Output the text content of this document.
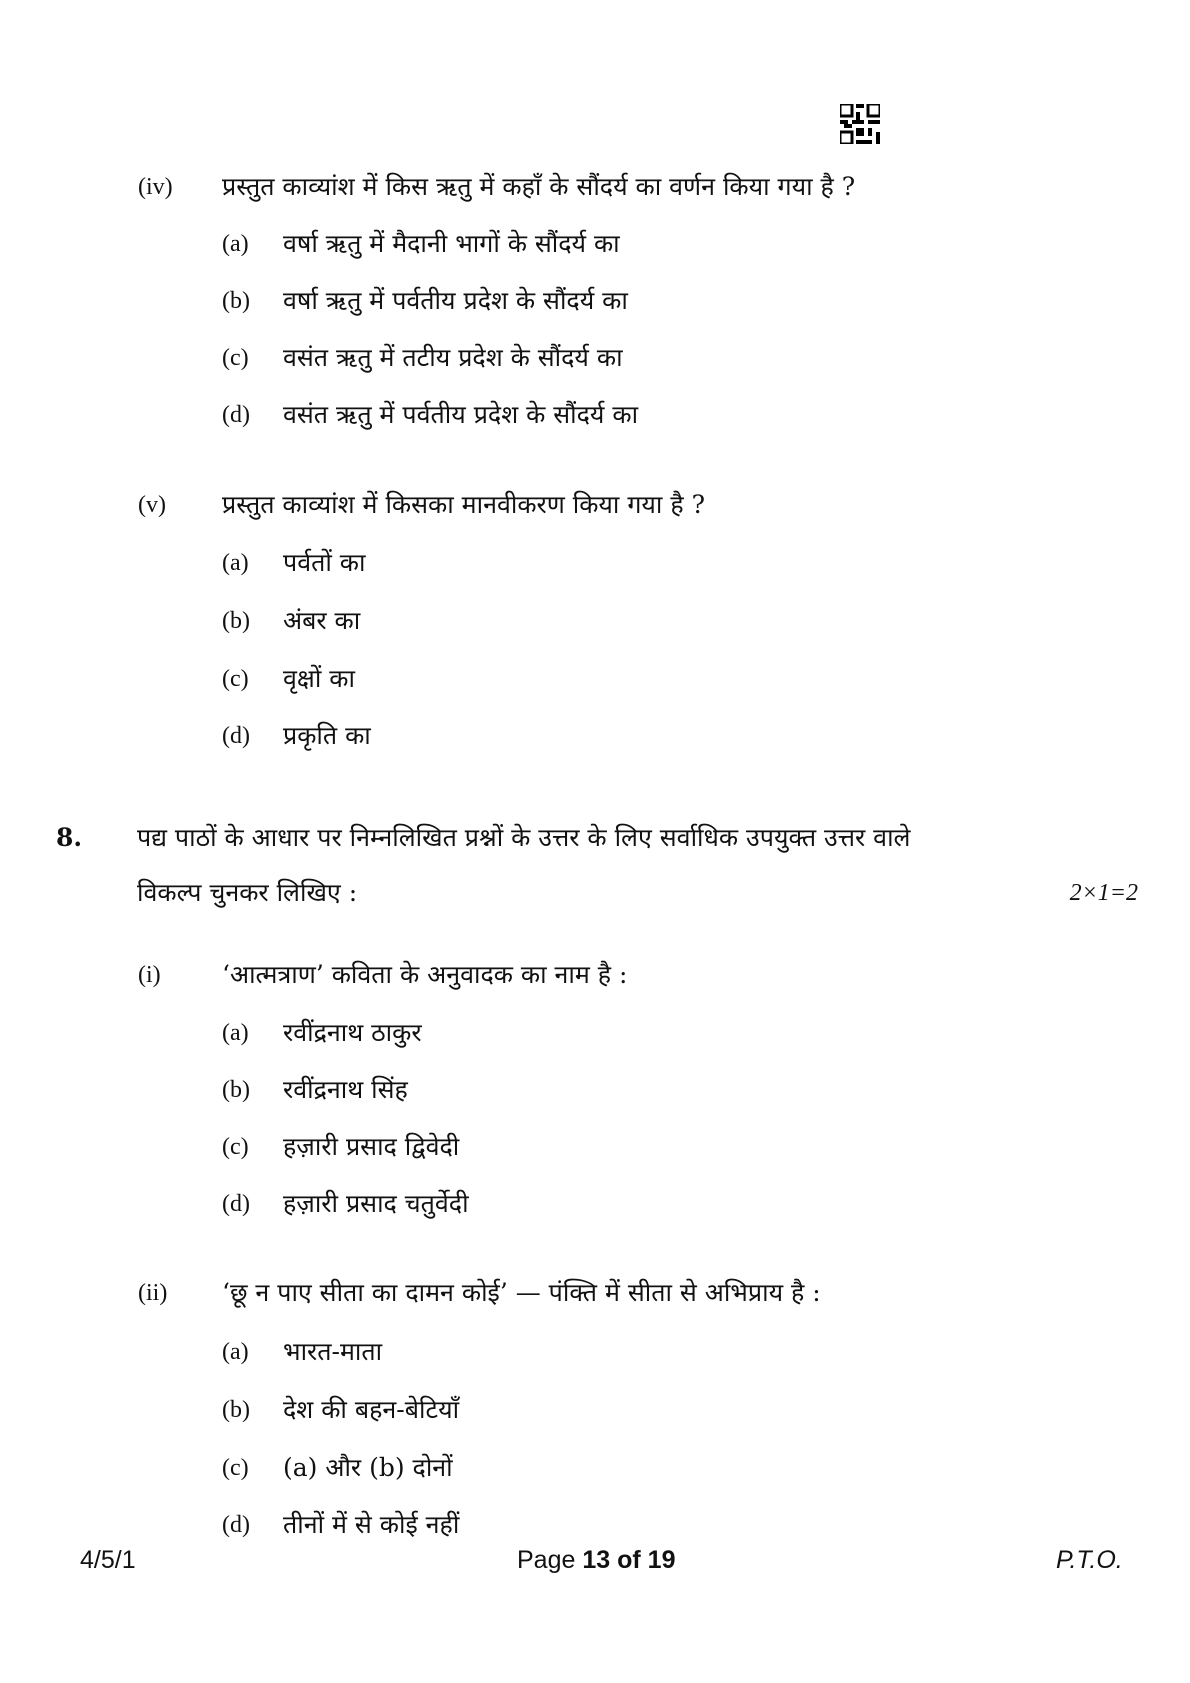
(iv) प्रस्तुत काव्यांश में किस ऋतु में कहाँ के सौंदर्य का वर्णन किया गया है ?
(a) वर्षा ऋतु में मैदानी भागों के सौंदर्य का
(b) वर्षा ऋतु में पर्वतीय प्रदेश के सौंदर्य का
(c) वसंत ऋतु में तटीय प्रदेश के सौंदर्य का
(d) वसंत ऋतु में पर्वतीय प्रदेश के सौंदर्य का
(v) प्रस्तुत काव्यांश में किसका मानवीकरण किया गया है ?
(a) पर्वतों का
(b) अंबर का
(c) वृक्षों का
(d) प्रकृति का
8. पद्य पाठों के आधार पर निम्नलिखित प्रश्नों के उत्तर के लिए सर्वाधिक उपयुक्त उत्तर वाले
विकल्प चुनकर लिखिए :	2×1=2
(i) ‘आत्मत्राण’ कविता के अनुवादक का नाम है :
(a) रवींद्रनाथ ठाकुर
(b) रवींद्रनाथ सिंह
(c) हज़ारी प्रसाद द्विवेदी
(d) हज़ारी प्रसाद चतुर्वेदी
(ii) ‘छू न पाए सीता का दामन कोई’ — पंक्ति में सीता से अभिप्राय है :
(a) भारत-माता
(b) देश की बहन-बेटियाँ
(c) (a) और (b) दोनों
(d) तीनों में से कोई नहीं
4/5/1	Page 13 of 19	P.T.O.
